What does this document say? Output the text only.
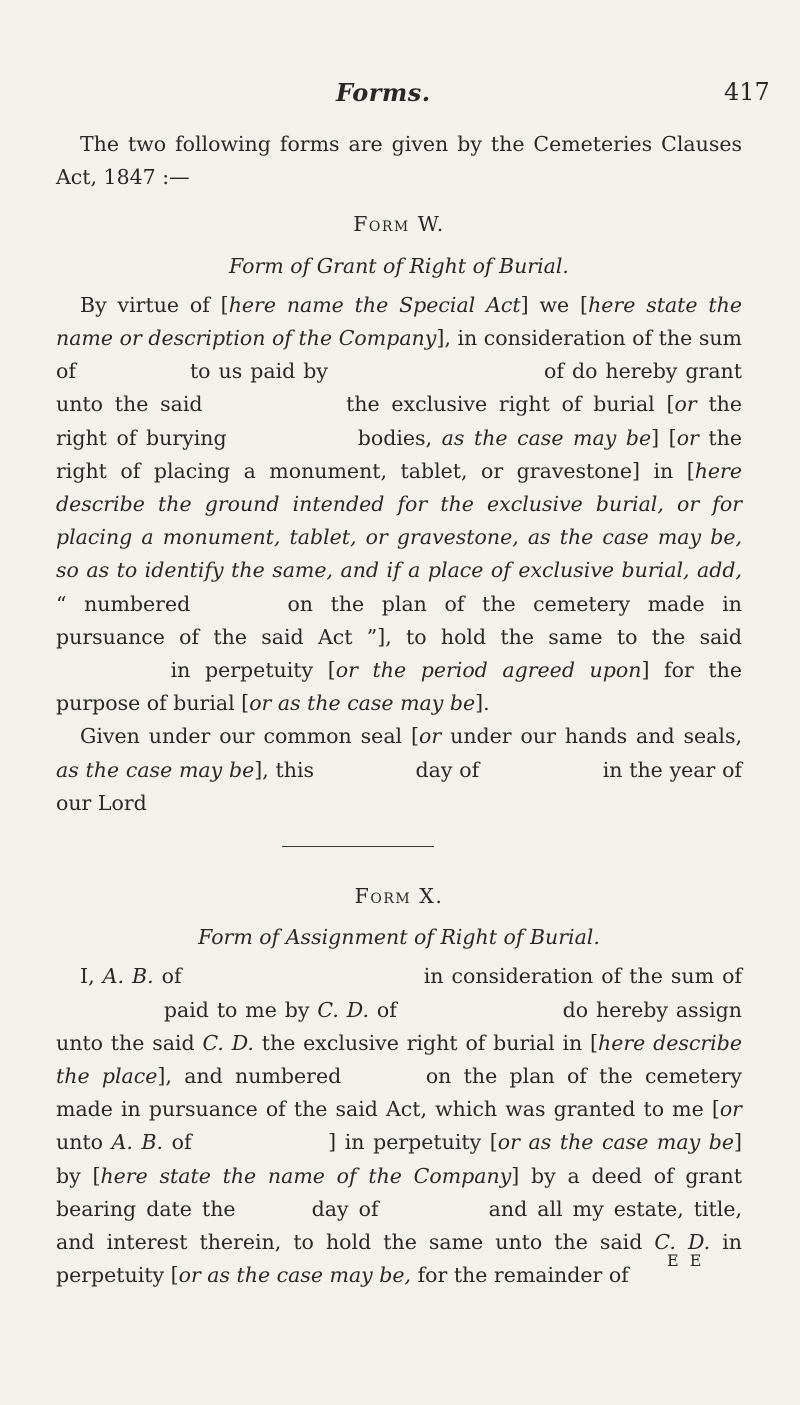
Forms.	417

The two following forms are given by the Cemeteries Clauses Act, 1847 :—

Form W.
Form of Grant of Right of Burial.

By virtue of [here name the Special Act] we [here state the name or description of the Company], in consideration of the sum of	to us paid by	of do hereby grant unto the said	the exclusive right of burial [or the right of burying	bodies, as the case may be] [or the right of placing a monument, tablet, or gravestone] in [here describe the ground intended for the exclusive burial, or for placing a monument, tablet, or gravestone, as the case may be, so as to identify the same, and if a place of exclusive burial, add, “ numbered	on the plan of the cemetery made in pursuance of the said Act ”], to hold the same to the said  in perpetuity [or the period agreed upon] for the purpose of burial [or as the case may be].

Given under our common seal [or under our hands and seals, as the case may be], this	day of	in the year of our Lord

Form X.
Form of Assignment of Right of Burial.

I, A. B. of	in consideration of the sum of  paid to me by C. D. of	do hereby assign unto the said C. D. the exclusive right of burial in [here describe the place], and numbered	on the plan of the cemetery made in pursuance of the said Act, which was granted to me [or unto A. B. of	] in perpetuity [or as the case may be] by [here state the name of the Company] by a deed of grant bearing date the	day of	and all my estate, title, and interest therein, to hold the same unto the said C. D. in perpetuity [or as the case may be, for the remainder of

E E
